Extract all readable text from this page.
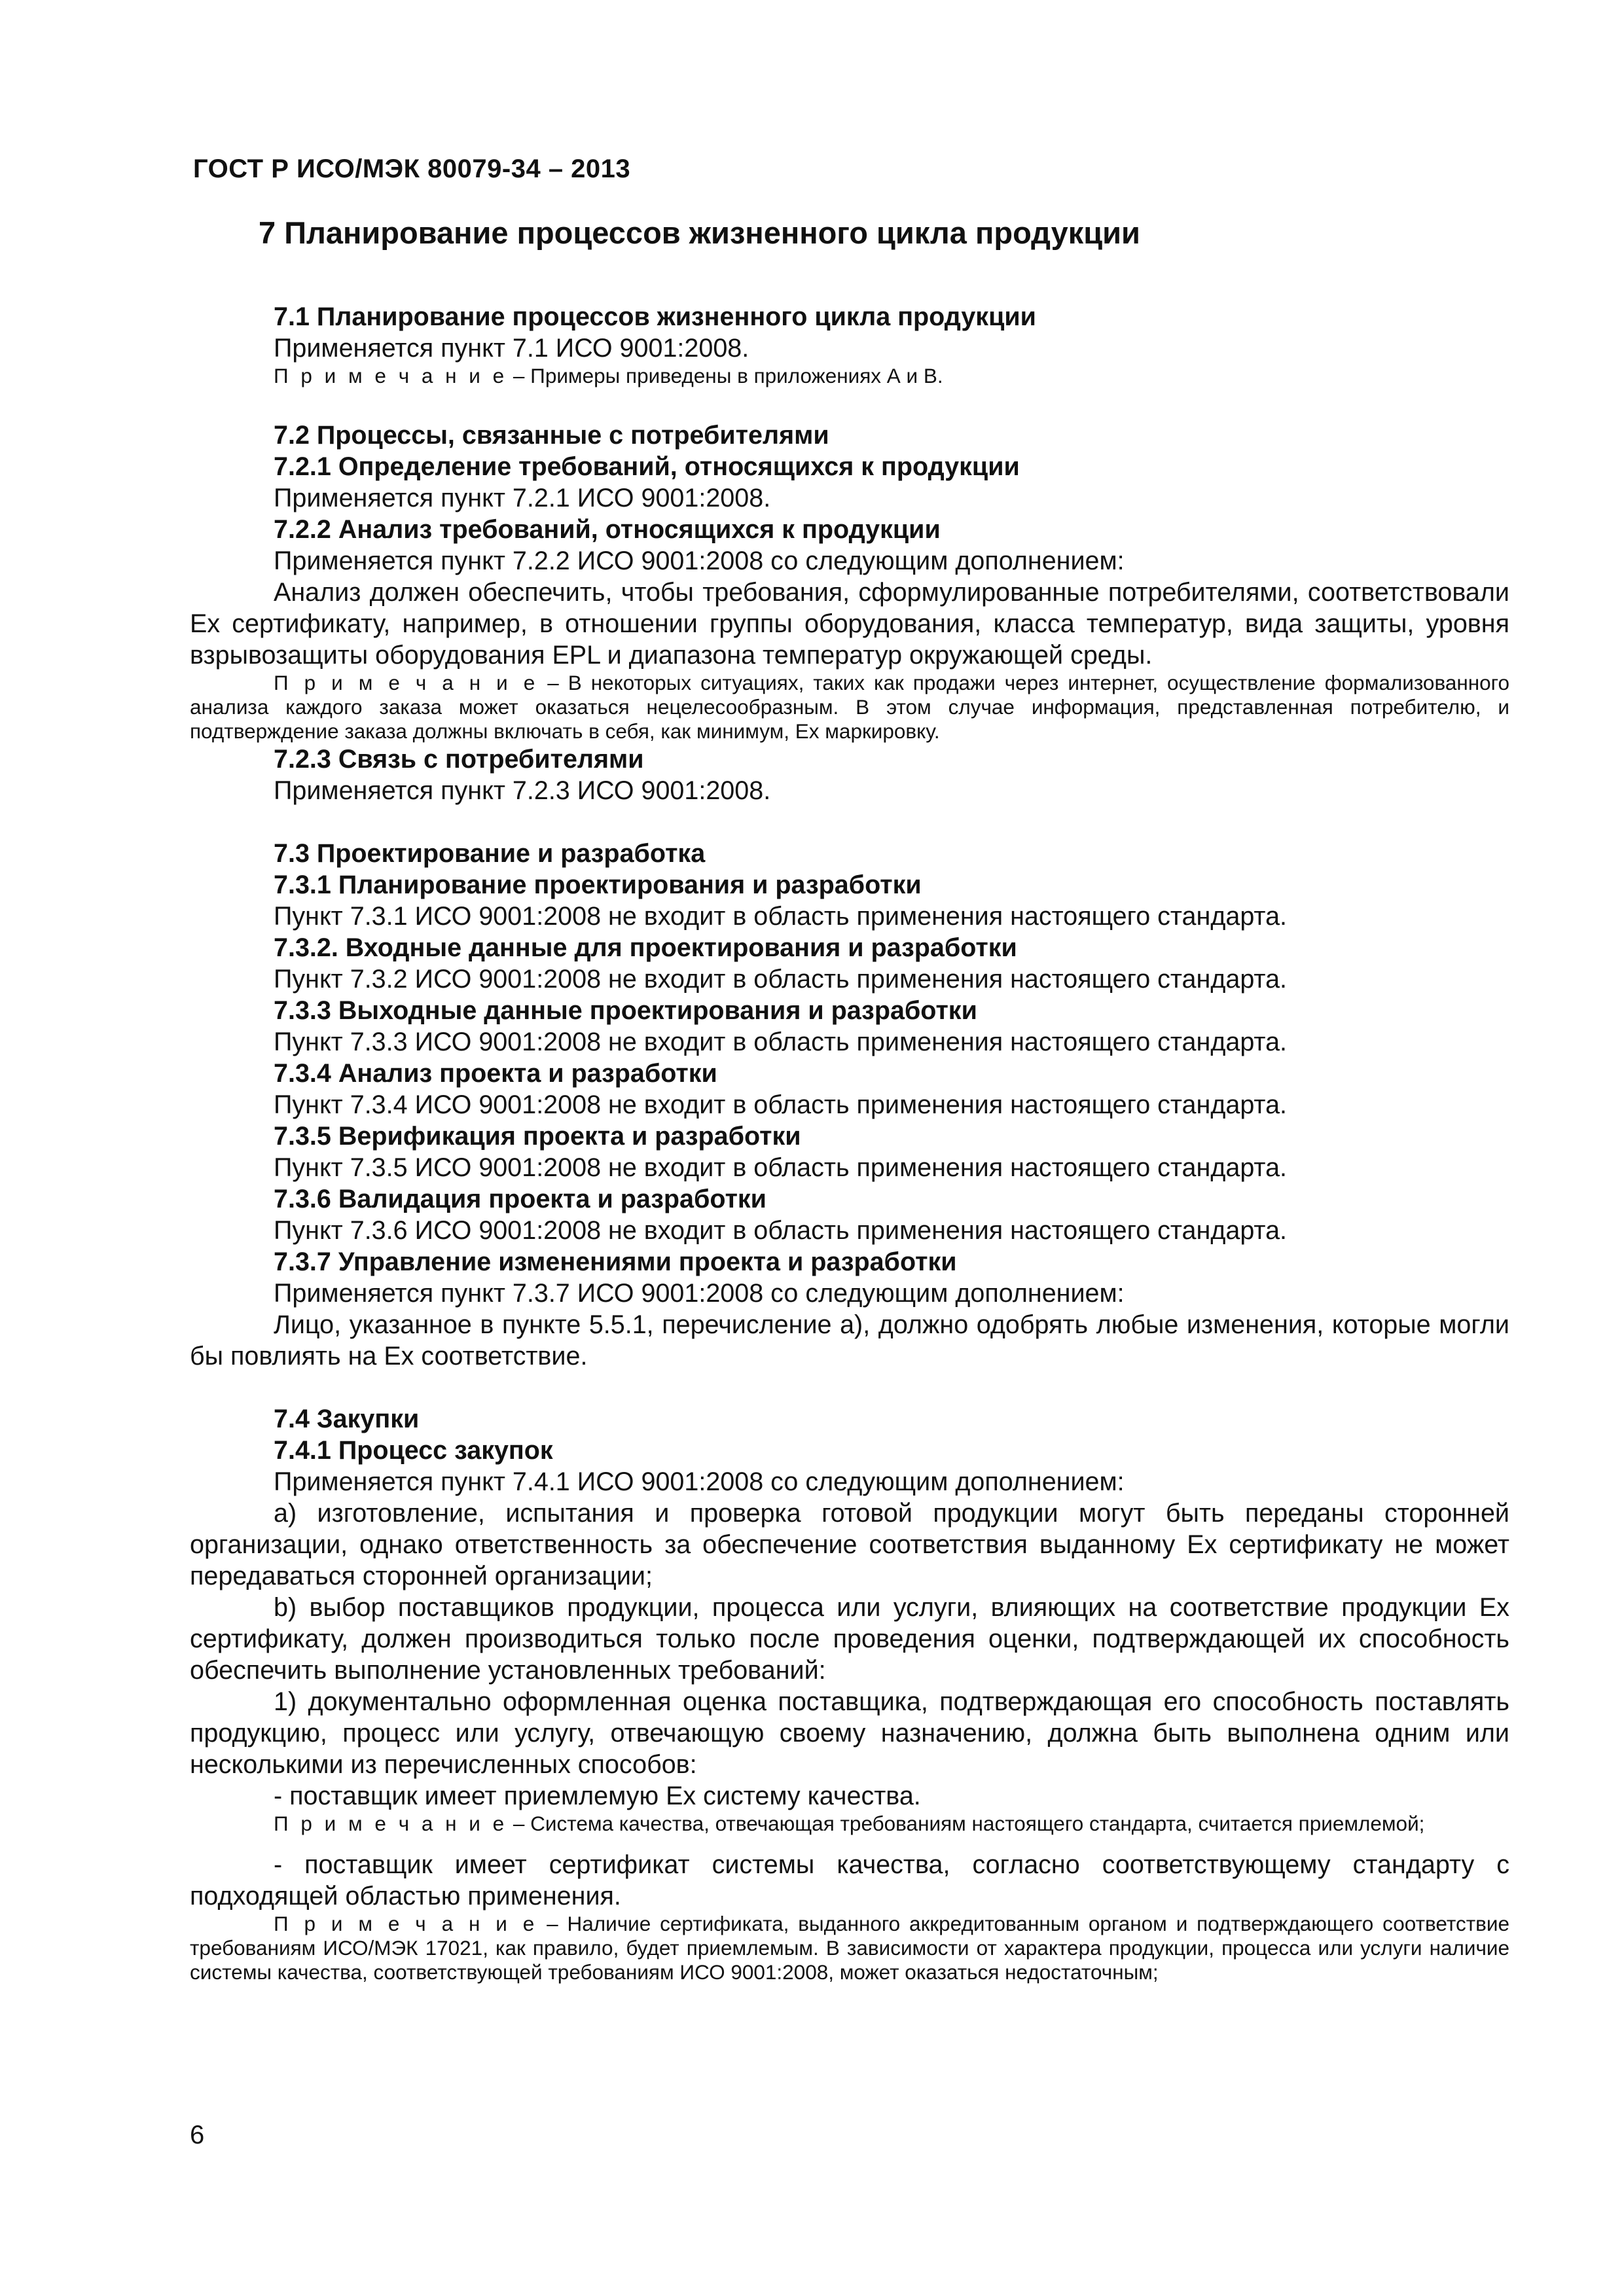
ГОСТ Р ИСО/МЭК 80079-34 – 2013
7 Планирование процессов жизненного цикла продукции

7.1 Планирование процессов жизненного цикла продукции

Применяется пункт 7.1 ИСО 9001:2008.

П р и м е ч а н и е – Примеры приведены в приложениях А и В.

7.2 Процессы, связанные с потребителями

7.2.1 Определение требований, относящихся к продукции

Применяется пункт 7.2.1 ИСО 9001:2008.

7.2.2 Анализ требований, относящихся к продукции

Применяется пункт 7.2.2 ИСО 9001:2008 со следующим дополнением:

Анализ должен обеспечить, чтобы требования, сформулированные потребителями, соответствовали Ex сертификату, например, в отношении группы оборудования, класса температур, вида защиты, уровня взрывозащиты оборудования EPL и диапазона температур окружающей среды.

П р и м е ч а н и е – В некоторых ситуациях, таких как продажи через интернет, осуществление формализованного анализа каждого заказа может оказаться нецелесообразным. В этом случае информация, представленная потребителю, и подтверждение заказа должны включать в себя, как минимум, Ex маркировку.

7.2.3 Связь с потребителями

Применяется пункт 7.2.3 ИСО 9001:2008.

7.3 Проектирование и разработка

7.3.1 Планирование проектирования и разработки

Пункт 7.3.1 ИСО 9001:2008 не входит в область применения настоящего стандарта.

7.3.2. Входные данные для проектирования и разработки

Пункт 7.3.2 ИСО 9001:2008 не входит в область применения настоящего стандарта.

7.3.3 Выходные данные проектирования и разработки

Пункт 7.3.3 ИСО 9001:2008 не входит в область применения настоящего стандарта.

7.3.4 Анализ проекта и разработки

Пункт 7.3.4 ИСО 9001:2008 не входит в область применения настоящего стандарта.

7.3.5 Верификация проекта и разработки

Пункт 7.3.5 ИСО 9001:2008 не входит в область применения настоящего стандарта.

7.3.6 Валидация проекта и разработки

Пункт 7.3.6 ИСО 9001:2008 не входит в область применения настоящего стандарта.

7.3.7 Управление изменениями проекта и разработки

Применяется пункт 7.3.7 ИСО 9001:2008 со следующим дополнением:

Лицо, указанное в пункте 5.5.1, перечисление а), должно одобрять любые изменения, которые могли бы повлиять на Ex соответствие.

7.4 Закупки

7.4.1 Процесс закупок

Применяется пункт 7.4.1 ИСО 9001:2008 со следующим дополнением:

а) изготовление, испытания и проверка готовой продукции могут быть переданы сторонней организации, однако ответственность за обеспечение соответствия выданному Ex сертификату не может передаваться сторонней организации;

b) выбор поставщиков продукции, процесса или услуги, влияющих на соответствие продукции Ex сертификату, должен производиться только после проведения оценки, подтверждающей их способность обеспечить выполнение установленных требований:

1) документально оформленная оценка поставщика, подтверждающая его способность поставлять продукцию, процесс или услугу, отвечающую своему назначению, должна быть выполнена одним или несколькими из перечисленных способов:

- поставщик имеет приемлемую Ex систему качества.

П р и м е ч а н и е – Система качества, отвечающая требованиям настоящего стандарта, считается приемлемой;

- поставщик имеет сертификат системы качества, согласно соответствующему стандарту с подходящей областью применения.

П р и м е ч а н и е – Наличие сертификата, выданного аккредитованным органом и подтверждающего соответствие требованиям ИСО/МЭК 17021, как правило, будет приемлемым. В зависимости от характера продукции, процесса или услуги наличие системы качества, соответствующей требованиям ИСО 9001:2008, может оказаться недостаточным;

6
